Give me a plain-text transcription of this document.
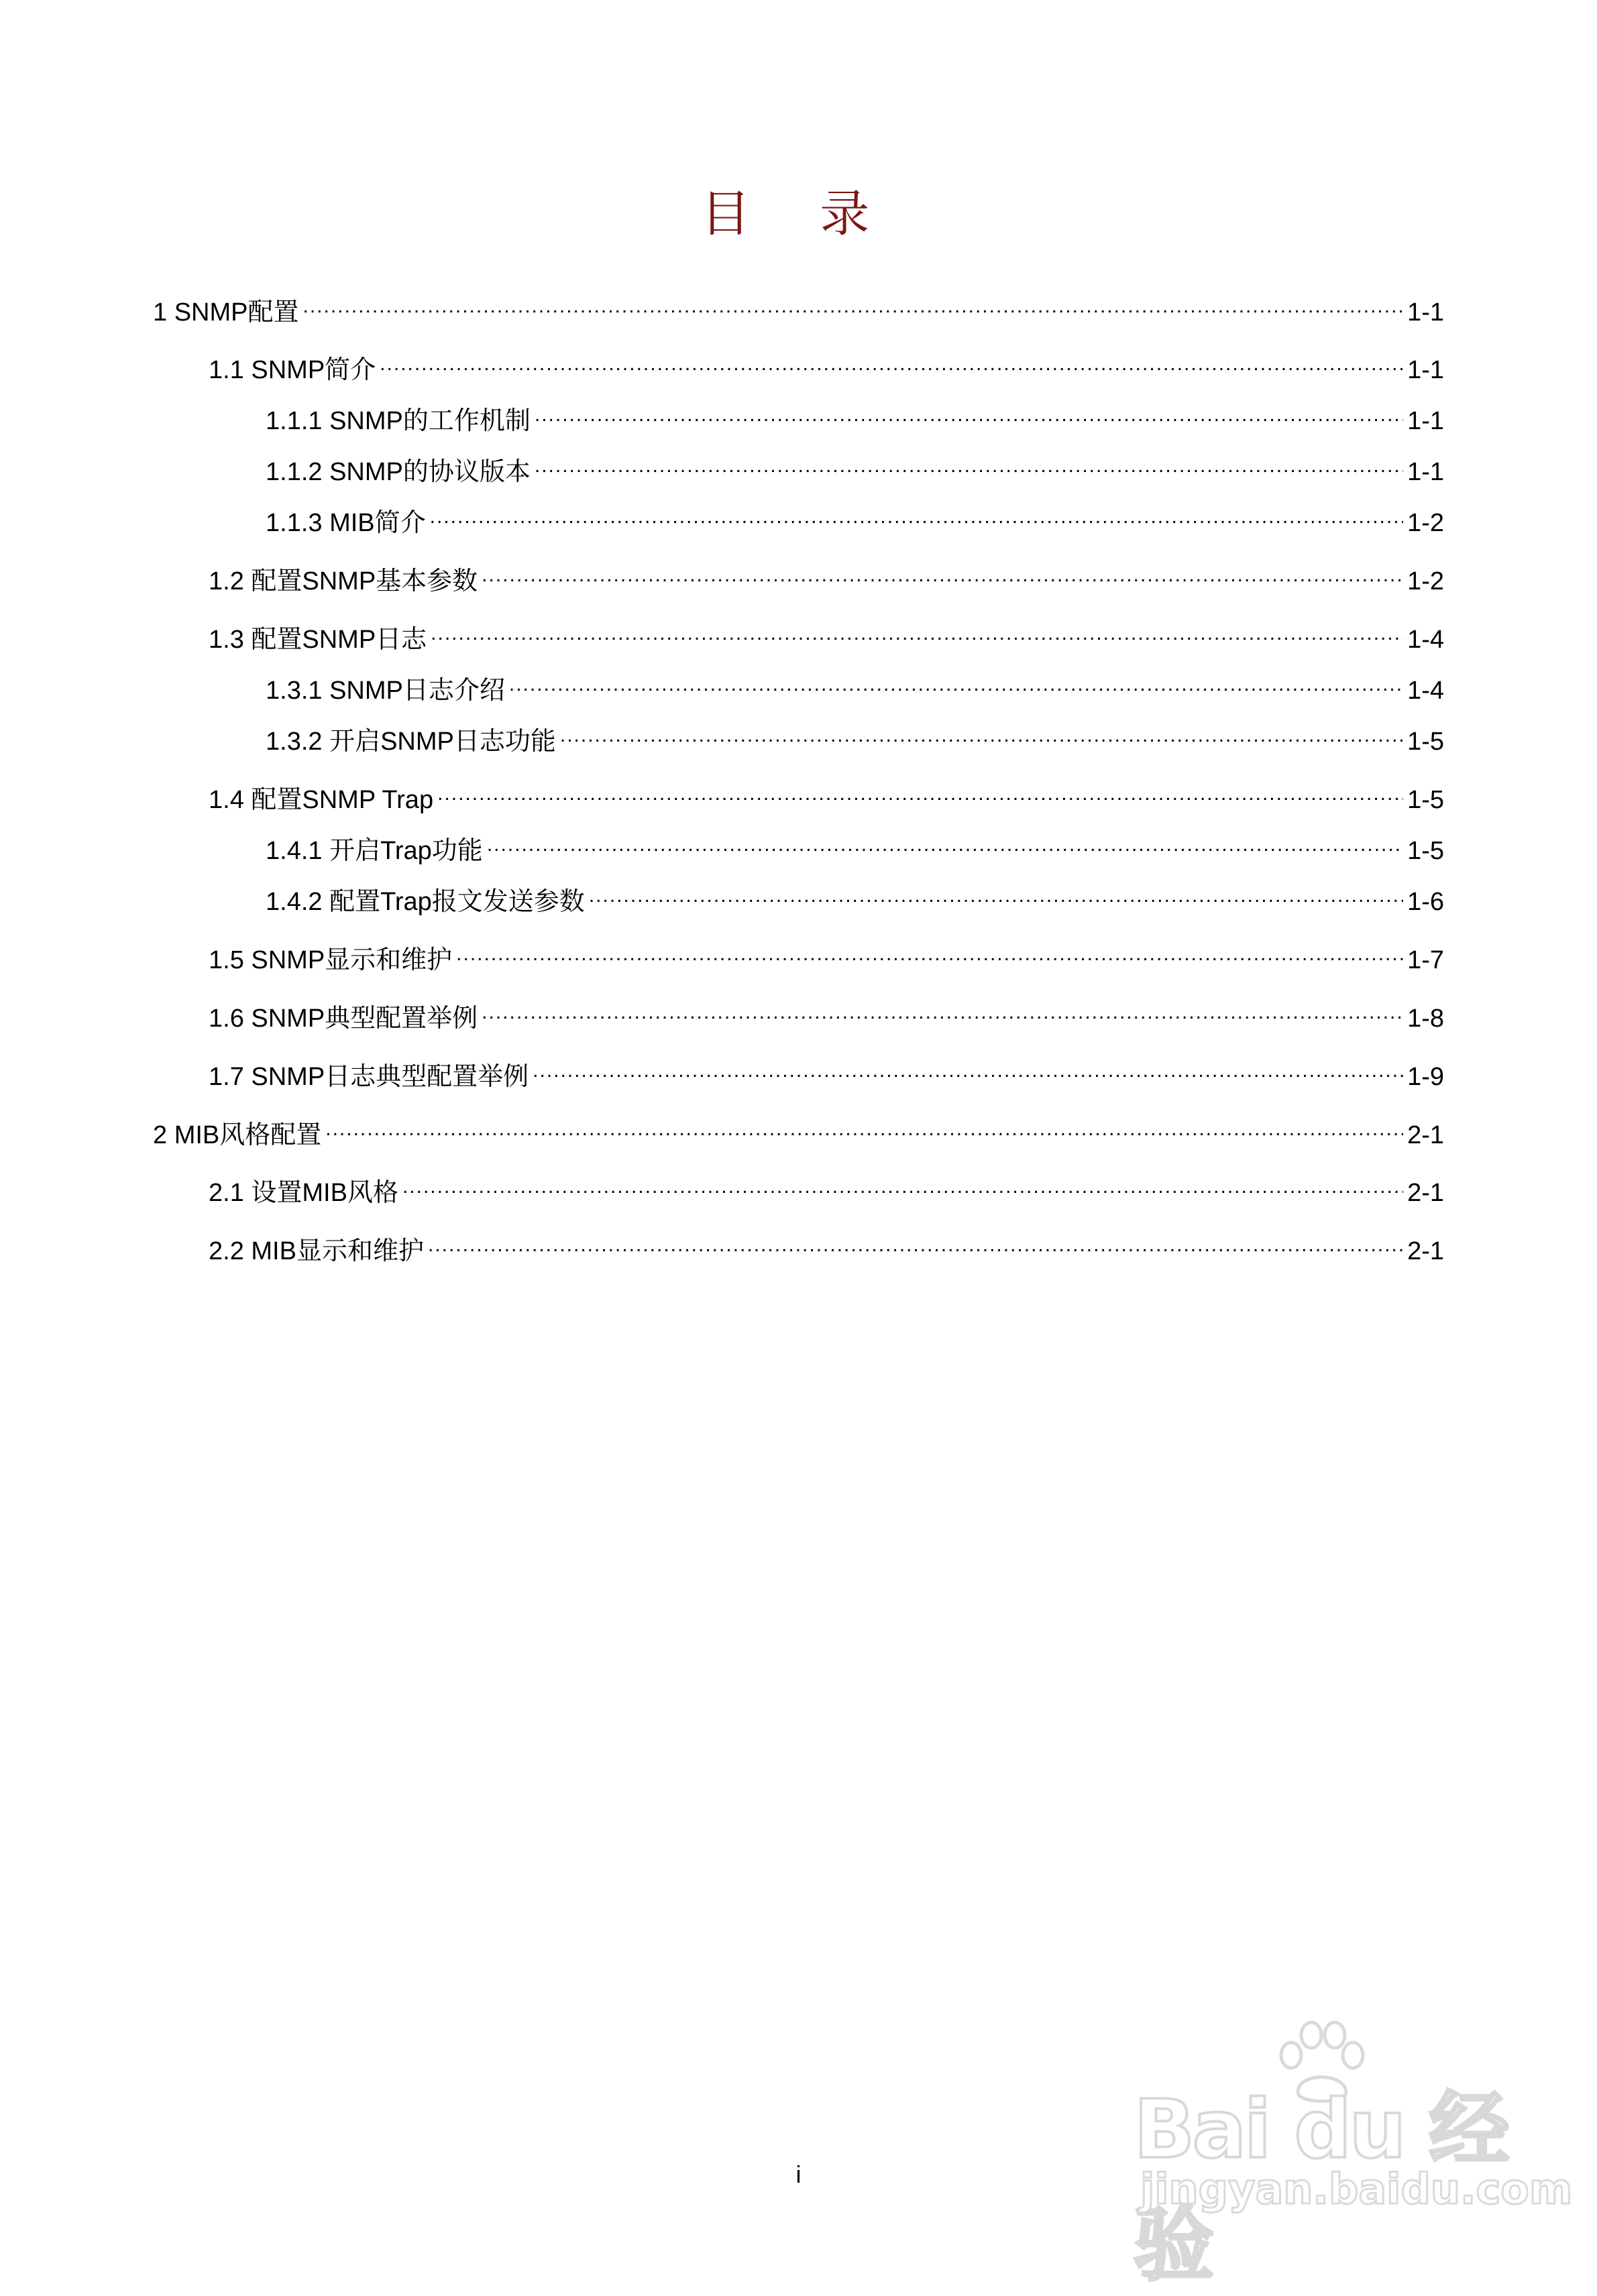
目 录
1 SNMP配置 .....	1-1
1.1 SNMP简介 .....	1-1
1.1.1 SNMP的工作机制 .....	1-1
1.1.2 SNMP的协议版本 .....	1-1
1.1.3 MIB简介 .....	1-2
1.2 配置SNMP基本参数 .....	1-2
1.3 配置SNMP日志 .....	1-4
1.3.1 SNMP日志介绍 .....	1-4
1.3.2 开启SNMP日志功能 .....	1-5
1.4 配置SNMP Trap .....	1-5
1.4.1 开启Trap功能 .....	1-5
1.4.2 配置Trap报文发送参数 .....	1-6
1.5 SNMP显示和维护 .....	1-7
1.6 SNMP典型配置举例 .....	1-8
1.7 SNMP日志典型配置举例 .....	1-9
2 MIB风格配置 .....	2-1
2.1 设置MIB风格 .....	2-1
2.2 MIB显示和维护 .....	2-1
i	Bai du 经验
jingyan.baidu.com
